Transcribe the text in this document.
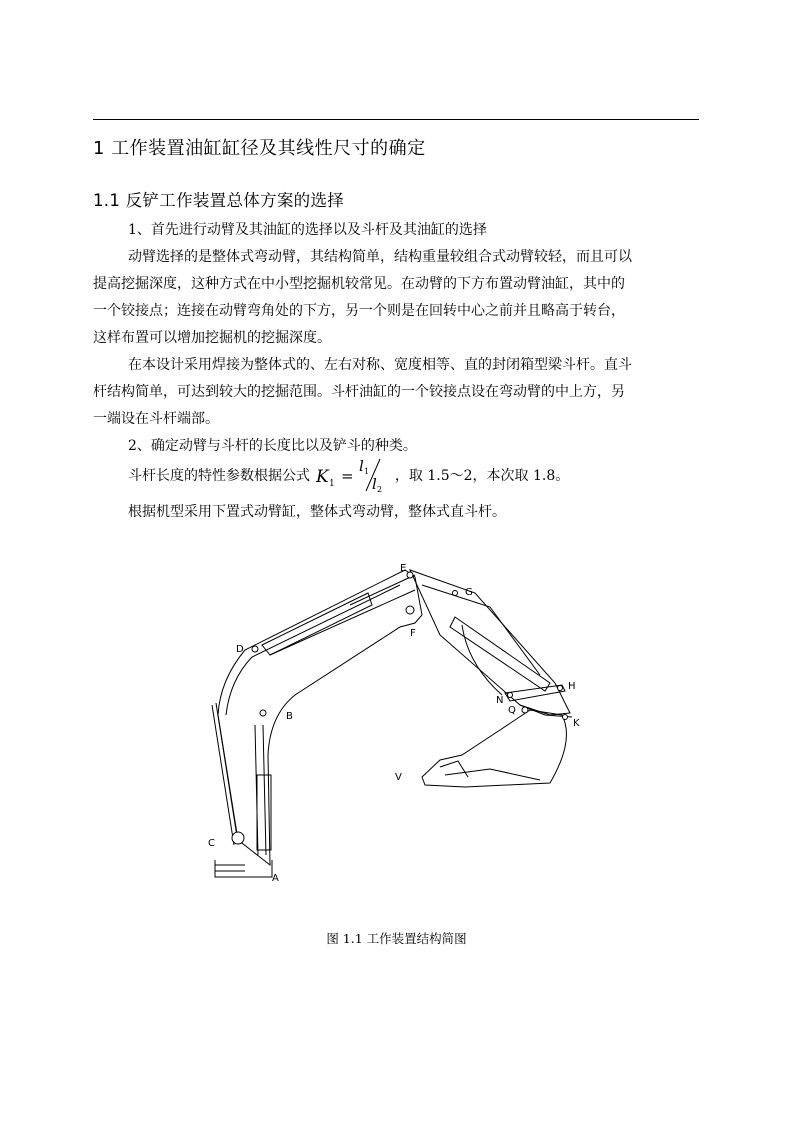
1 工作装置油缸缸径及其线性尺寸的确定
1.1 反铲工作装置总体方案的选择
1、首先进行动臂及其油缸的选择以及斗杆及其油缸的选择
动臂选择的是整体式弯动臂，其结构简单，结构重量较组合式动臂较轻，而且可以
提高挖掘深度，这种方式在中小型挖掘机较常见。在动臂的下方布置动臂油缸，其中的
一个铰接点；连接在动臂弯角处的下方，另一个则是在回转中心之前并且略高于转台，
这样布置可以增加挖掘机的挖掘深度。
在本设计采用焊接为整体式的、左右对称、宽度相等、直的封闭箱型梁斗杆。直斗
杆结构简单，可达到较大的挖掘范围。斗杆油缸的一个铰接点设在弯动臂的中上方，另
一端设在斗杆端部。
2、确定动臂与斗杆的长度比以及铲斗的种类。
斗杆长度的特性参数根据公式 K 1 =
l 1
l 2
，取 1.5～2，本次取 1.8。
根据机型采用下置式动臂缸，整体式弯动臂，整体式直斗杆。
A
B
C
D
E
F
G
H
K
N
Q
V
图 1.1 工作装置结构简图
